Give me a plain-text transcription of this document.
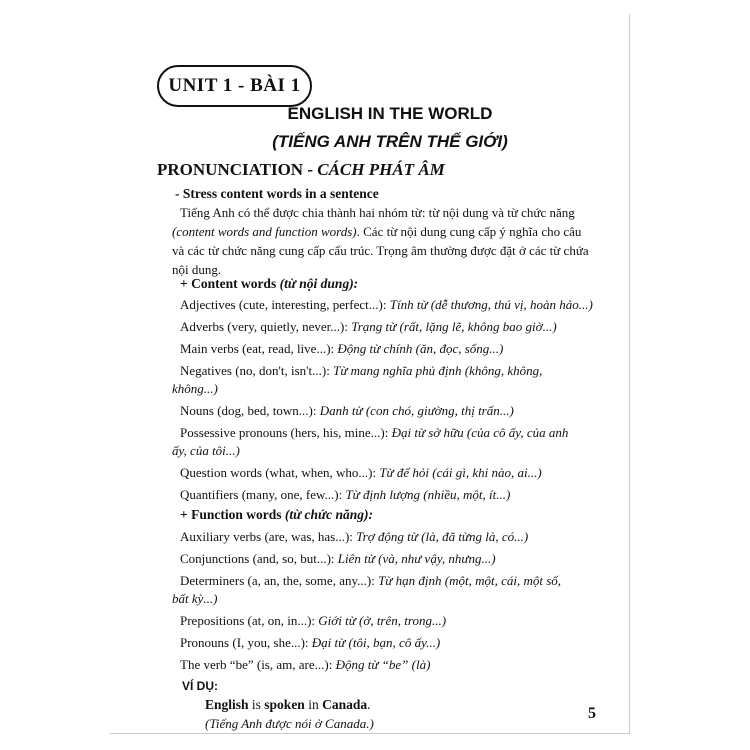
UNIT 1 - BÀI 1
ENGLISH IN THE WORLD
(TIẾNG ANH TRÊN THẾ GIỚI)
PRONUNCIATION - CÁCH PHÁT ÂM
- Stress content words in a sentence
Tiếng Anh có thể được chia thành hai nhóm từ: từ nội dung và từ chức năng
(content words and function words). Các từ nội dung cung cấp ý nghĩa cho câu
và các từ chức năng cung cấp cấu trúc. Trọng âm thường được đặt ở các từ chứa
nội dung.
+ Content words (từ nội dung):
Adjectives (cute, interesting, perfect...): Tính từ (dễ thương, thú vị, hoàn hảo...)
Adverbs (very, quietly, never...): Trạng từ (rất, lặng lẽ, không bao giờ...)
Main verbs (eat, read, live...): Động từ chính (ăn, đọc, sống...)
Negatives (no, don't, isn't...): Từ mang nghĩa phủ định (không, không,
không...)
Nouns (dog, bed, town...): Danh từ (con chó, giường, thị trấn...)
Possessive pronouns (hers, his, mine...): Đại từ sở hữu (của cô ấy, của anh
ấy, của tôi...)
Question words (what, when, who...): Từ để hỏi (cái gì, khi nào, ai...)
Quantifiers (many, one, few...): Từ định lượng (nhiều, một, ít...)
+ Function words (từ chức năng):
Auxiliary verbs (are, was, has...): Trợ động từ (là, đã từng là, có...)
Conjunctions (and, so, but...): Liên từ (và, như vậy, nhưng...)
Determiners (a, an, the, some, any...): Từ hạn định (một, một, cái, một số,
bất kỳ...)
Prepositions (at, on, in...): Giới từ (ở, trên, trong...)
VÍ DỤ:
English is spoken in Canada.
(Tiếng Anh được nói ở Canada.)
5
Pronouns (I, you, she...): Đại từ (tôi, bạn, cô ấy...)
The verb “be” (is, am, are...): Động từ “be” (là)
